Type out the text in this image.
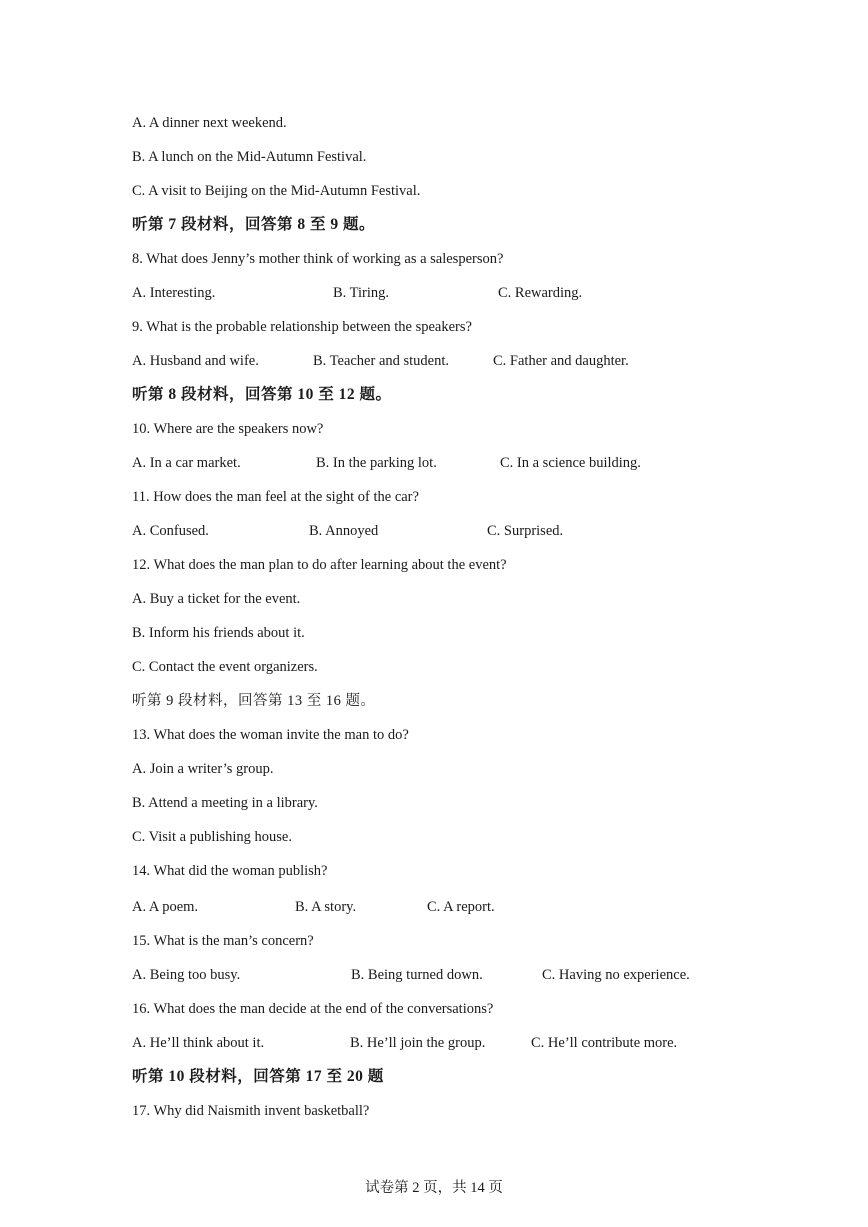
A. A dinner next weekend.
B. A lunch on the Mid-Autumn Festival.
C. A visit to Beijing on the Mid-Autumn Festival.
听第 7 段材料，回答第 8 至 9 题。
8. What does Jenny’s mother think of working as a salesperson?
A. Interesting.	B. Tiring.	C. Rewarding.
9. What is the probable relationship between the speakers?
A. Husband and wife.	B. Teacher and student.	C. Father and daughter.
听第 8 段材料，回答第 10 至 12 题。
10. Where are the speakers now?
A. In a car market.	B. In the parking lot.	C. In a science building.
11. How does the man feel at the sight of the car?
A. Confused.	B. Annoyed	C. Surprised.
12. What does the man plan to do after learning about the event?
A. Buy a ticket for the event.
B. Inform his friends about it.
C. Contact the event organizers.
听第 9 段材料，回答第 13 至 16 题。
13. What does the woman invite the man to do?
A. Join a writer’s group.
B. Attend a meeting in a library.
C. Visit a publishing house.
14. What did the woman publish?
A. A poem.	B. A story.	C. A report.
15. What is the man’s concern?
A. Being too busy.	B. Being turned down.	C. Having no experience.
16. What does the man decide at the end of the conversations?
A. He’ll think about it.	B. He’ll join the group.	C. He’ll contribute more.
听第 10 段材料，回答第 17 至 20 题
17. Why did Naismith invent basketball?
试卷第 2 页，共 14 页
